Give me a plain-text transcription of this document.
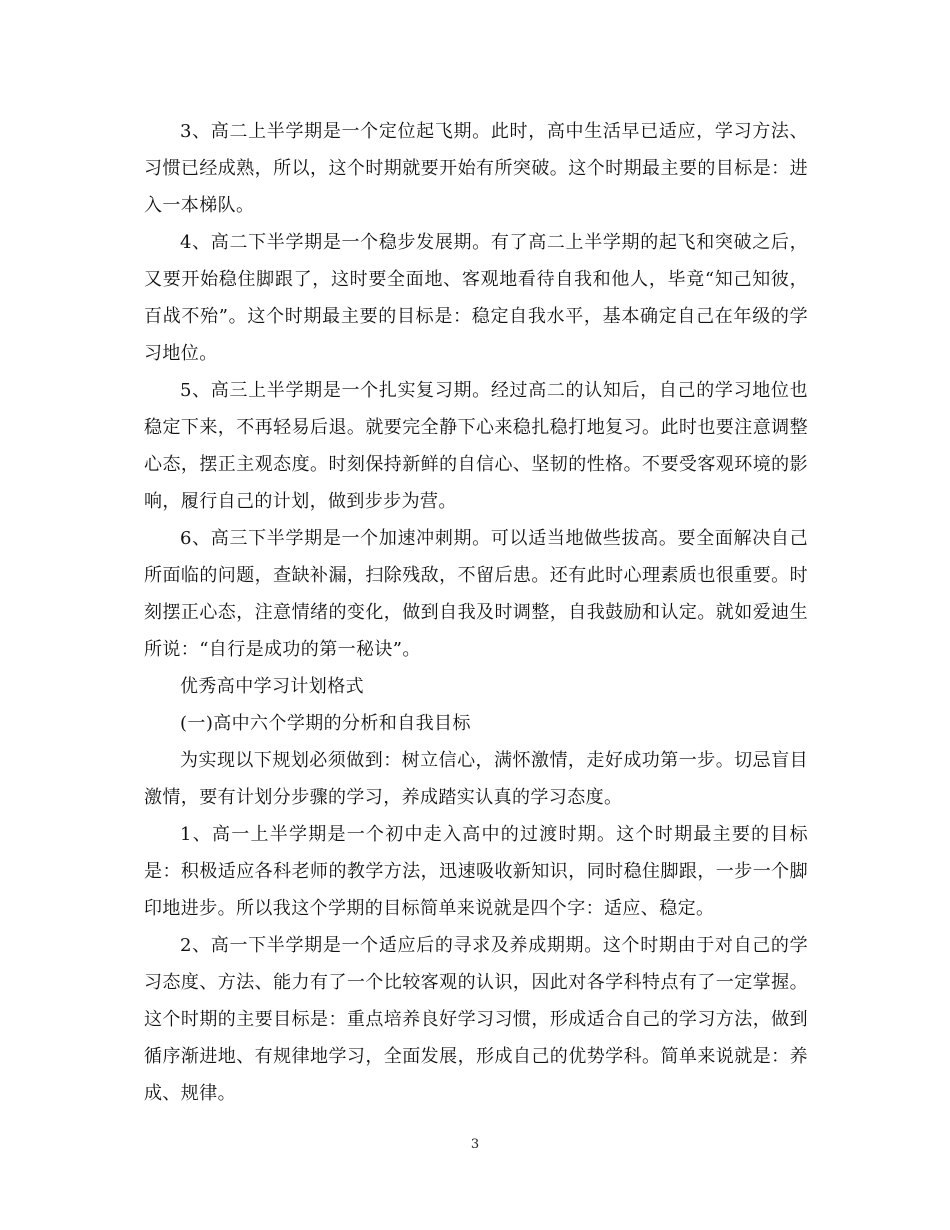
3、高二上半学期是一个定位起飞期。此时，高中生活早已适应，学习方法、习惯已经成熟，所以，这个时期就要开始有所突破。这个时期最主要的目标是：进入一本梯队。

4、高二下半学期是一个稳步发展期。有了高二上半学期的起飞和突破之后，又要开始稳住脚跟了，这时要全面地、客观地看待自我和他人，毕竟“知己知彼，百战不殆”。这个时期最主要的目标是：稳定自我水平，基本确定自己在年级的学习地位。

5、高三上半学期是一个扎实复习期。经过高二的认知后，自己的学习地位也稳定下来，不再轻易后退。就要完全静下心来稳扎稳打地复习。此时也要注意调整心态，摆正主观态度。时刻保持新鲜的自信心、坚韧的性格。不要受客观环境的影响，履行自己的计划，做到步步为营。

6、高三下半学期是一个加速冲刺期。可以适当地做些拔高。要全面解决自己所面临的问题，查缺补漏，扫除残敌，不留后患。还有此时心理素质也很重要。时刻摆正心态，注意情绪的变化，做到自我及时调整，自我鼓励和认定。就如爱迪生所说：“自行是成功的第一秘诀”。

优秀高中学习计划格式

(一)高中六个学期的分析和自我目标

为实现以下规划必须做到：树立信心，满怀激情，走好成功第一步。切忌盲目激情，要有计划分步骤的学习，养成踏实认真的学习态度。

1、高一上半学期是一个初中走入高中的过渡时期。这个时期最主要的目标是：积极适应各科老师的教学方法，迅速吸收新知识，同时稳住脚跟，一步一个脚印地进步。所以我这个学期的目标简单来说就是四个字：适应、稳定。

2、高一下半学期是一个适应后的寻求及养成期期。这个时期由于对自己的学习态度、方法、能力有了一个比较客观的认识，因此对各学科特点有了一定掌握。这个时期的主要目标是：重点培养良好学习习惯，形成适合自己的学习方法，做到循序渐进地、有规律地学习，全面发展，形成自己的优势学科。简单来说就是：养成、规律。

3
